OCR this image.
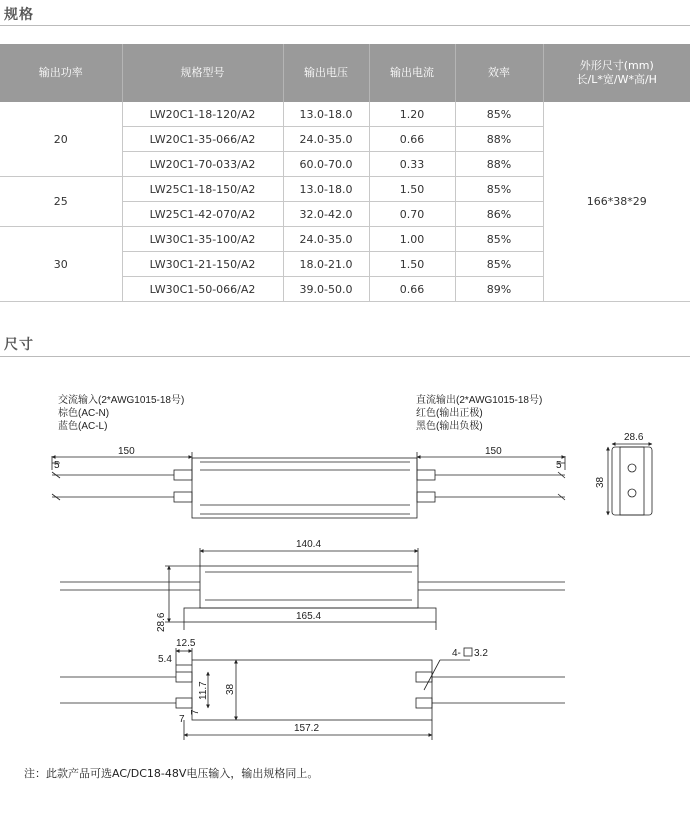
规格
输出功率	规格型号	输出电压	输出电流	效率	外形尺寸(mm)
长/L*宽/W*高/H
20	LW20C1-18-120/A2	13.0-18.0	1.20	85%	166*38*29
	LW20C1-35-066/A2	24.0-35.0	0.66	88%	
	LW20C1-70-033/A2	60.0-70.0	0.33	88%	
25	LW25C1-18-150/A2	13.0-18.0	1.50	85%	
	LW25C1-42-070/A2	32.0-42.0	0.70	86%	
30	LW30C1-35-100/A2	24.0-35.0	1.00	85%	
	LW30C1-21-150/A2	18.0-21.0	1.50	85%	
	LW30C1-50-066/A2	39.0-50.0	0.66	89%	
尺寸
交流输入(2*AWG1015-18号)
棕色(AC-N)
蓝色(AC-L)
直流输出(2*AWG1015-18号)
红色(输出正极)
黑色(输出负极)
150	150
5	5
28.6
38
140.4
28.6	165.4
12.5
5.4
11.7
7
7
38
157.2
4- 3.2
注：此款产品可选AC/DC18-48V电压输入，输出规格同上。
